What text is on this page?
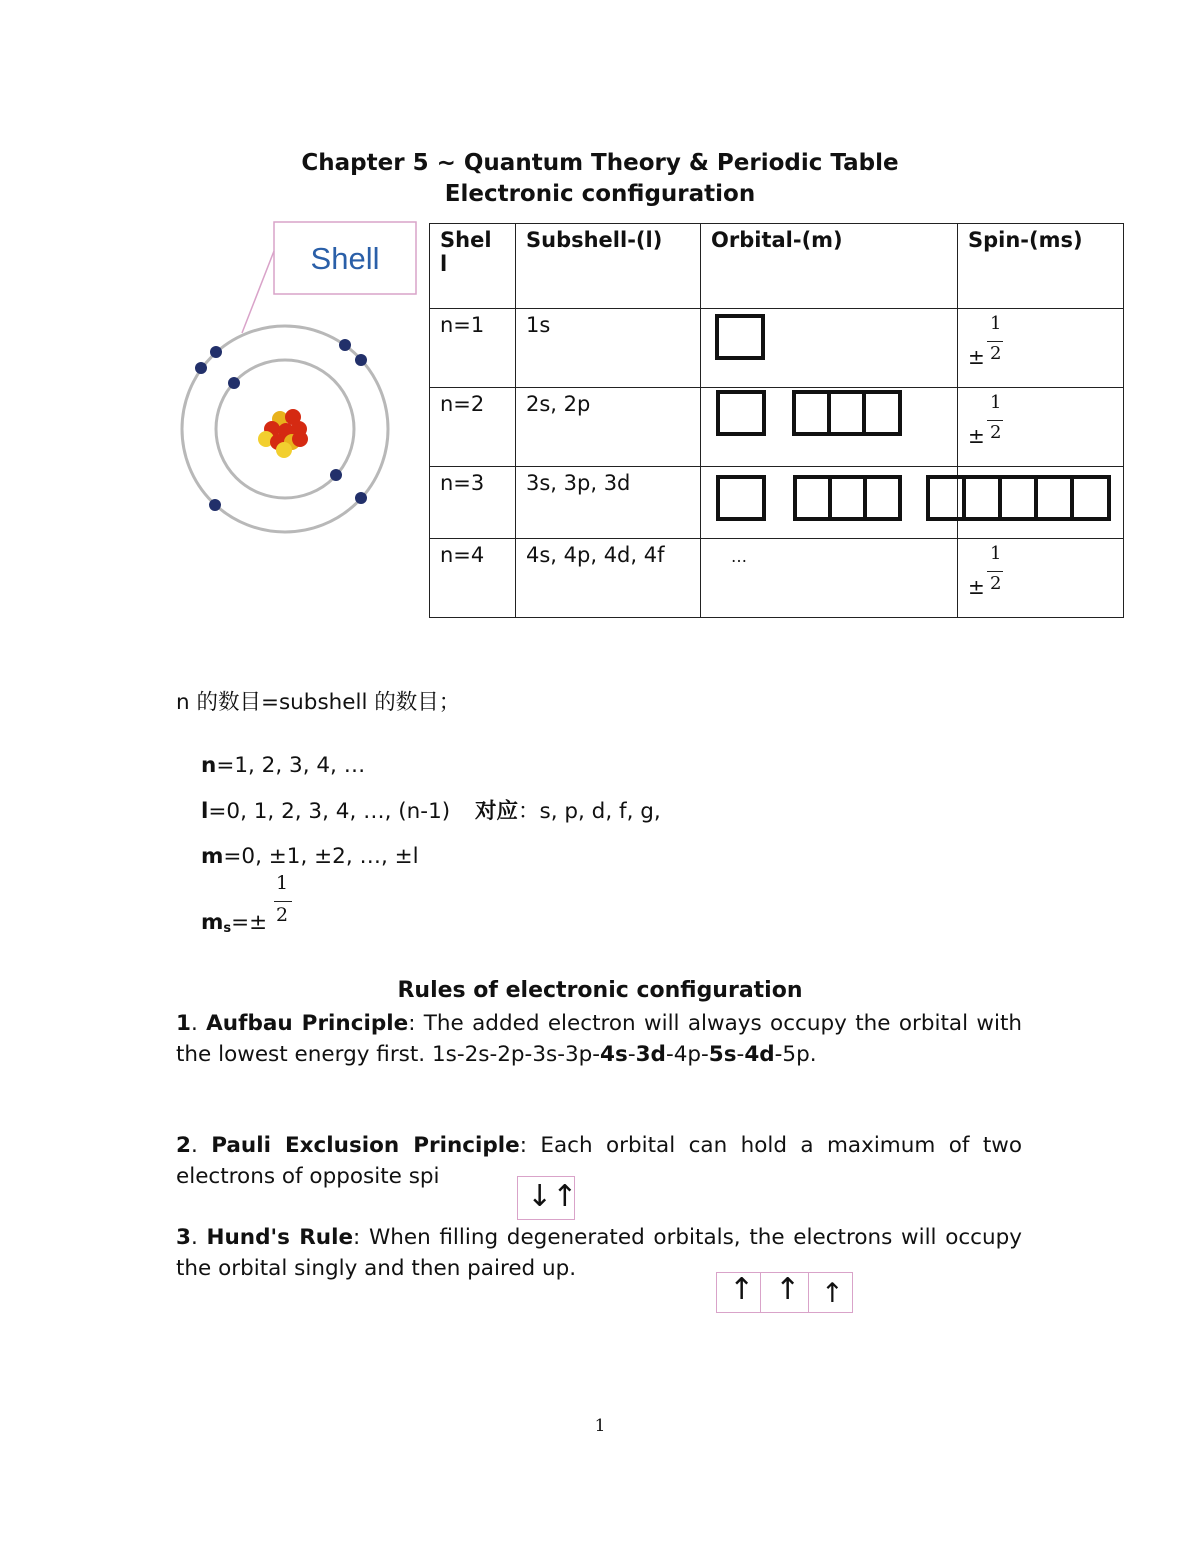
Chapter 5 ~ Quantum Theory & Periodic Table
Electronic configuration
Shell
Shel
l	Subshell-(l)	Orbital-(m)	Spin-(ms)
n=1	1s		1
2
±

n=2	2s, 2p		1
2
±

n=3	3s, 3p, 3d		
n=4	4s, 4p, 4d, 4f	…	1
2
±
n 的数目=subshell 的数目；
n=1, 2, 3, 4, …
l=0, 1, 2, 3, 4, …, (n-1) 对应：s, p, d, f, g,
m=0, ±1, ±2, …, ±l
ms=±
1
2
Rules of electronic configuration
1. Aufbau Principle: The added electron will always occupy the orbital with the lowest energy first. 1s-2s-2p-3s-3p-4s-3d-4p-5s-4d-5p.
2. Pauli Exclusion Principle: Each orbital can hold a maximum of two electrons of opposite spi
↓↑
3. Hund's Rule: When filling degenerated orbitals, the electrons will occupy the orbital singly and then paired up.
↑ ↑ ↑
1
